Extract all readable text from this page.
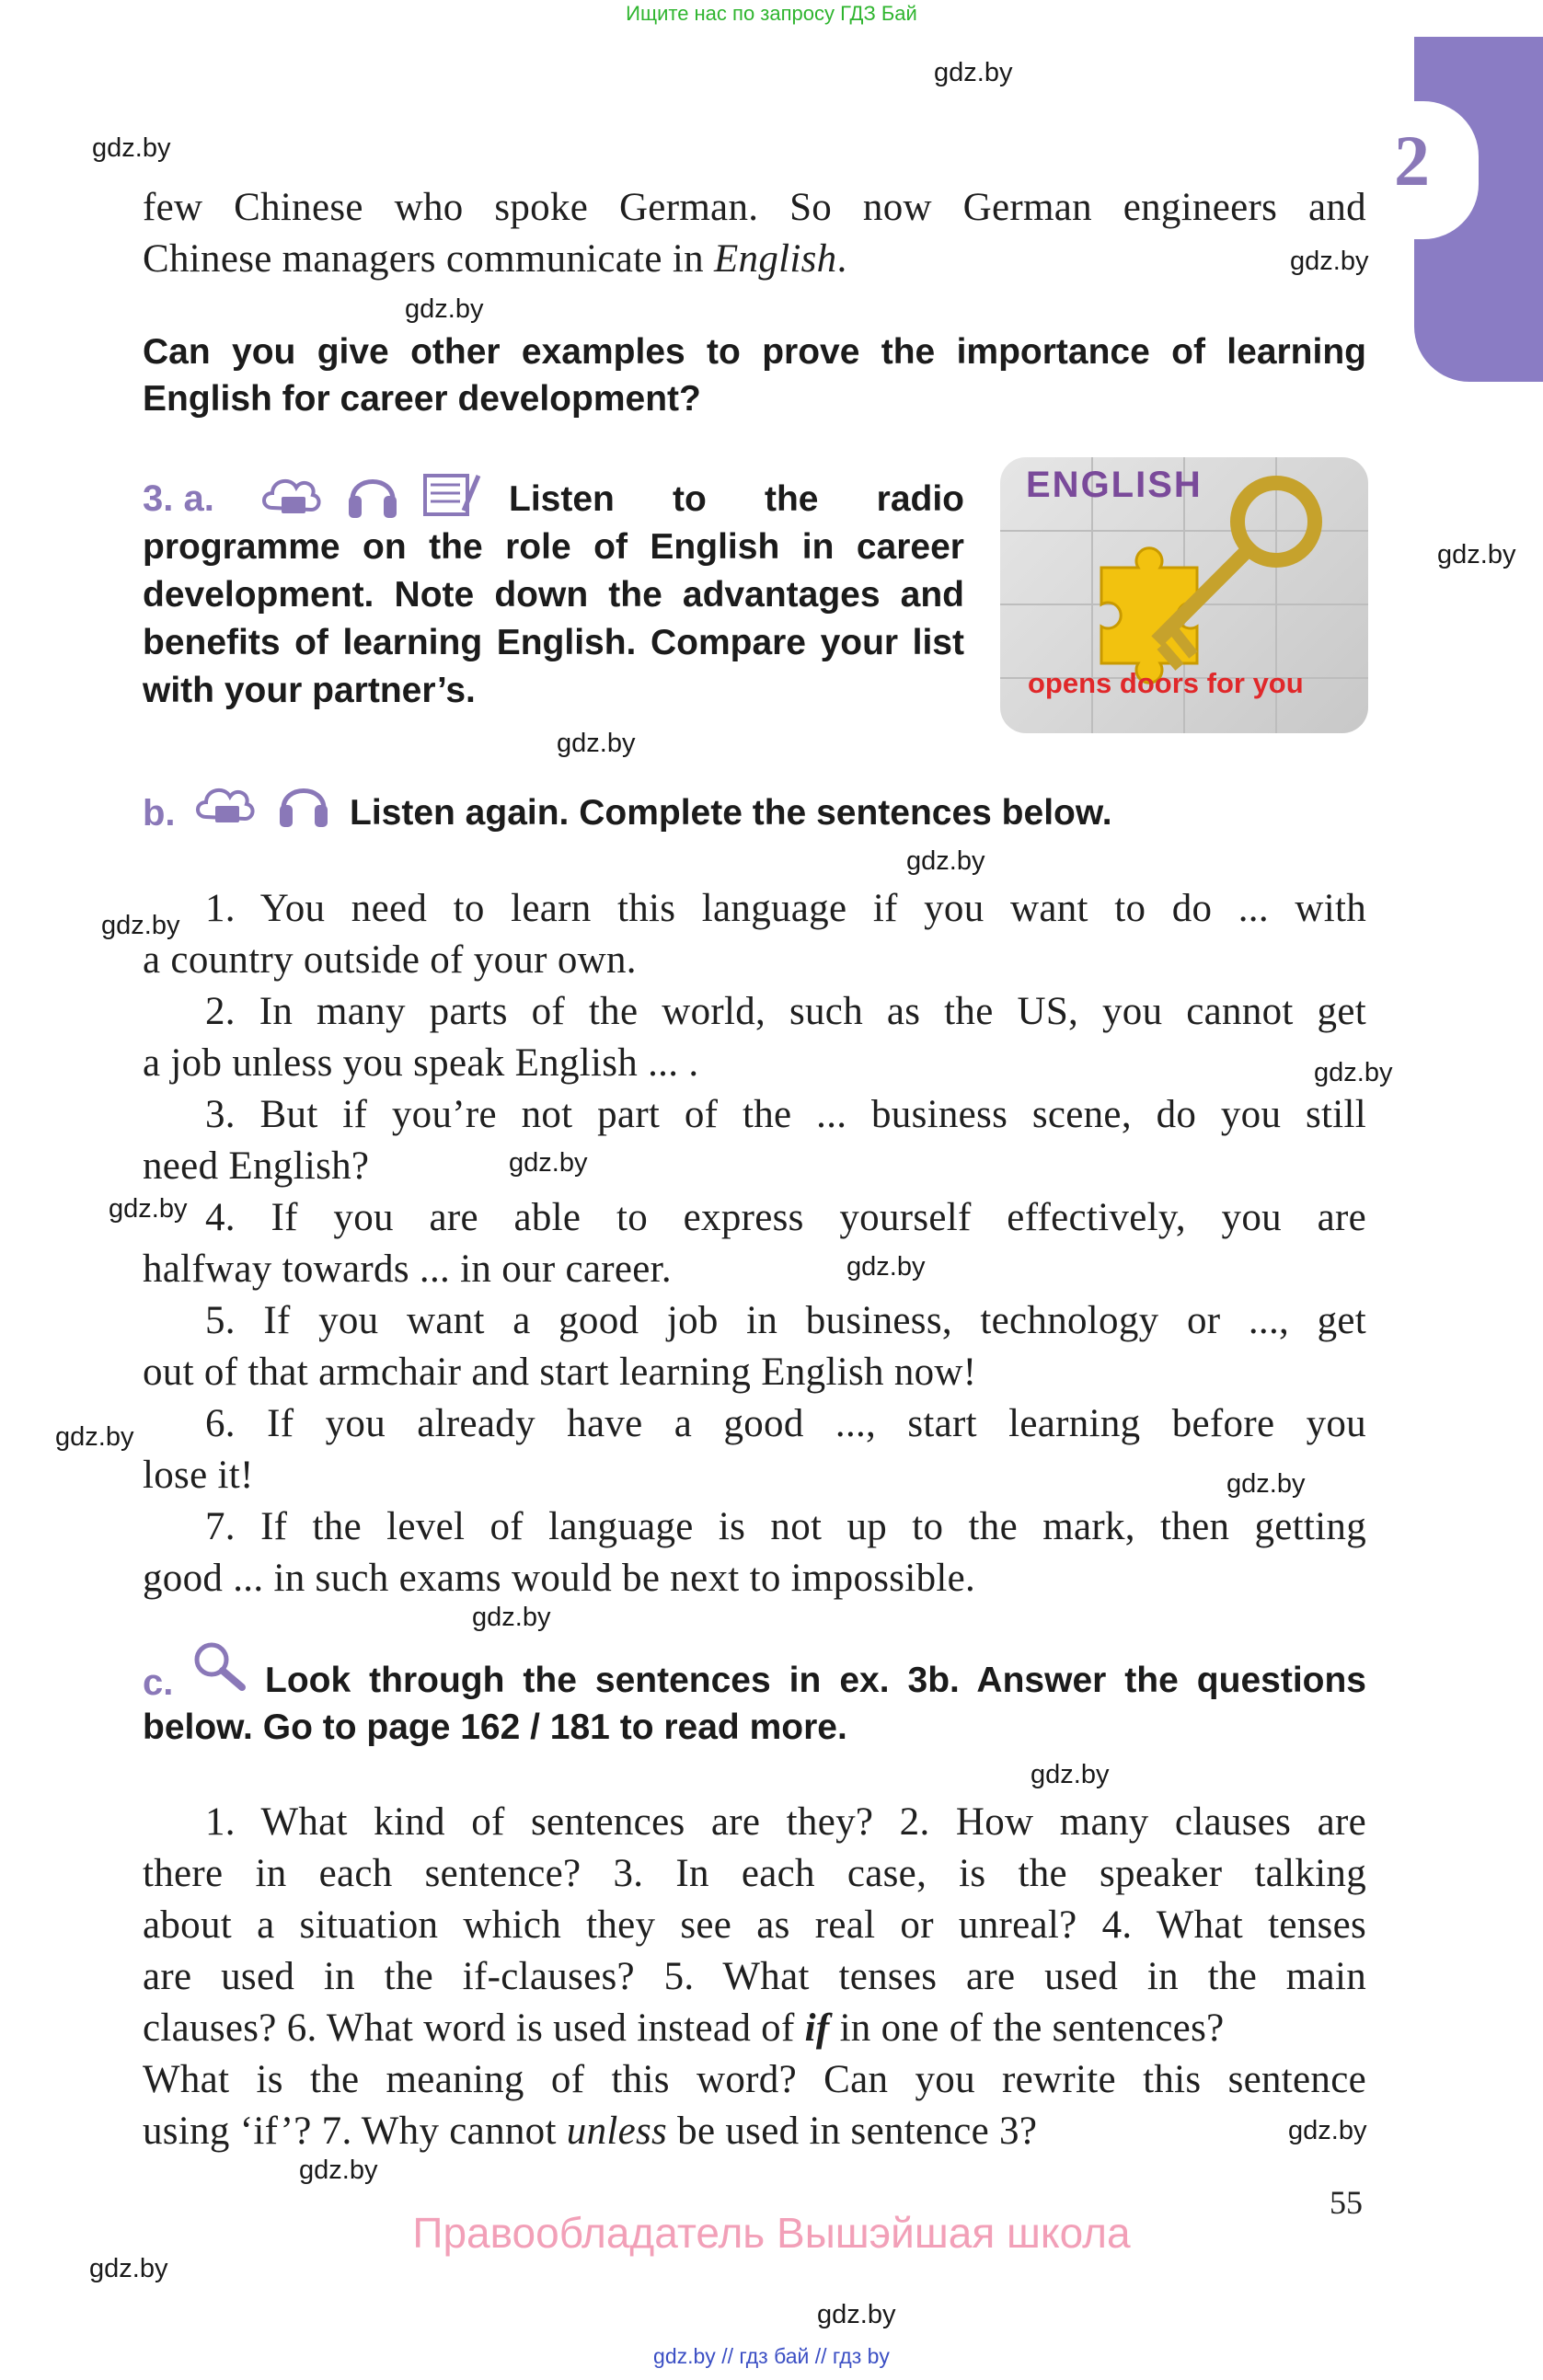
Ищите нас по запросу ГДЗ Бай
2
gdz.by
gdz.by
gdz.by
gdz.by
gdz.by
gdz.by
gdz.by
gdz.by
gdz.by
gdz.by
gdz.by
gdz.by
gdz.by
gdz.by
gdz.by
gdz.by
gdz.by
gdz.by
gdz.by
gdz.by
few Chinese who spoke German. So now German engineers and
Chinese managers communicate in English.
Can you give other examples to prove the importance of learning
English for career development?
3. a.	Listen to the radio
programme on the role of English in career
development. Note down the advantages and
benefits of learning English. Compare your list
with your partner’s.
ENGLISH
opens doors for you
b.	Listen again. Complete the sentences below.
1. You need to learn this language if you want to do ... with
a country outside of your own.
2. In many parts of the world, such as the US, you cannot get
a job unless you speak English ... .
3. But if you’re not part of the ... business scene, do you still
need English?
4. If you are able to express yourself effectively, you are
halfway towards ... in our career.
5. If you want a good job in business, technology or ..., get
out of that armchair and start learning English now!
6. If you already have a good ..., start learning before you
lose it!
7. If the level of language is not up to the mark, then getting
good ... in such exams would be next to impossible.
c.	Look through the sentences in ex. 3b. Answer the questions
below. Go to page 162 / 181 to read more.
1. What kind of sentences are they? 2. How many clauses are
there in each sentence? 3. In each case, is the speaker talking
about a situation which they see as real or unreal? 4. What tenses
are used in the if-clauses? 5. What tenses are used in the main
clauses? 6. What word is used instead of if in one of the sentences?
What is the meaning of this word? Can you rewrite this sentence
using ‘if’? 7. Why cannot unless be used in sentence 3?
55
Правообладатель Вышэйшая школа
gdz.by // гдз бай // гдз by
